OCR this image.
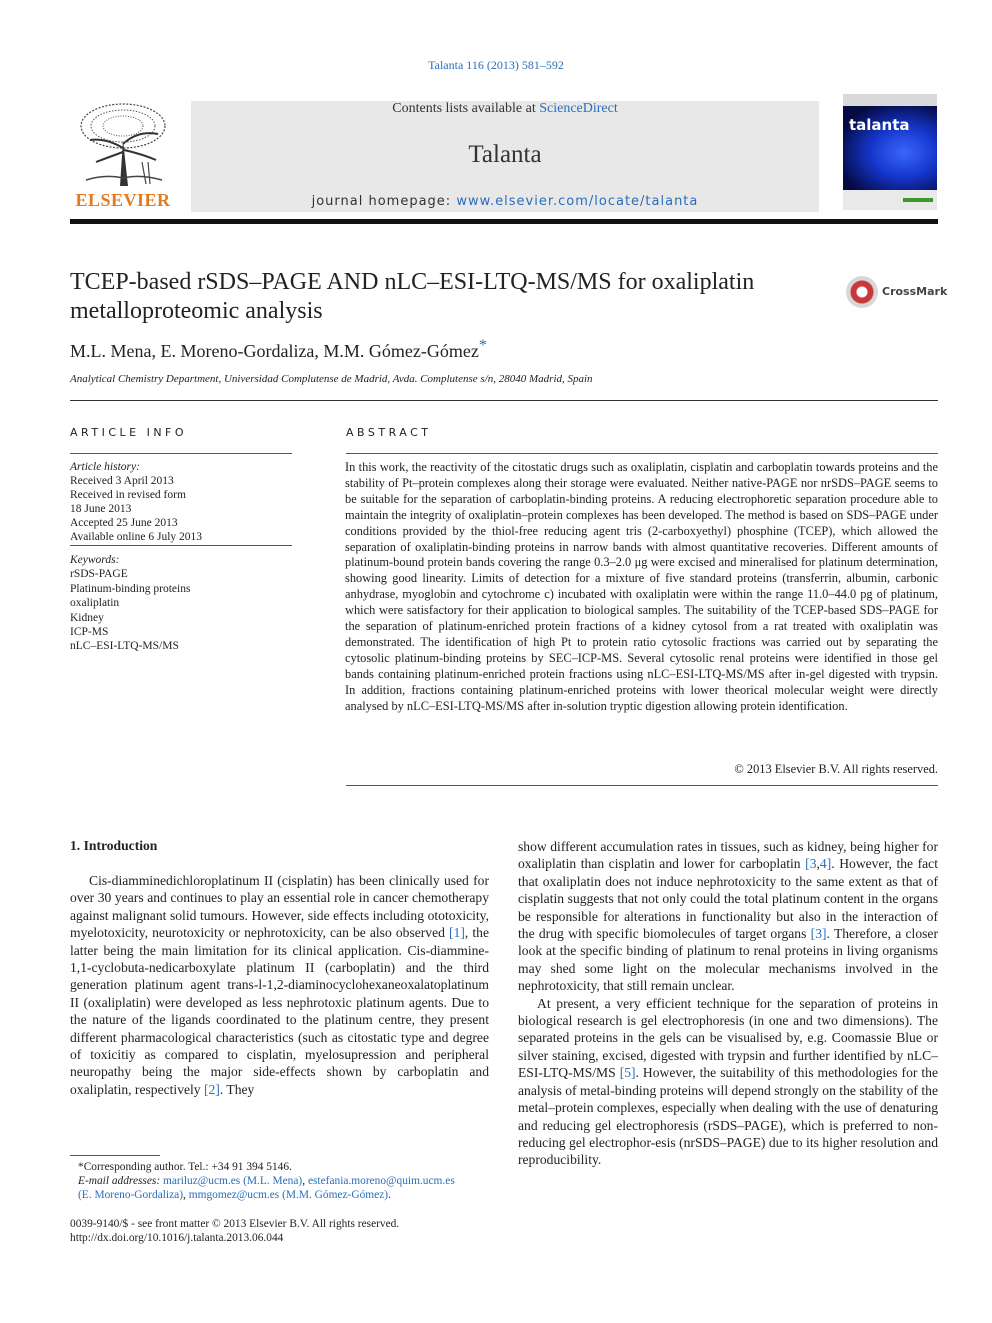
Talanta 116 (2013) 581–592
ELSEVIER
Contents lists available at ScienceDirect
Talanta
journal homepage: www.elsevier.com/locate/talanta
talanta
TCEP-based rSDS–PAGE AND nLC–ESI-LTQ-MS/MS for oxaliplatin metalloproteomic analysis
CrossMark
M.L. Mena, E. Moreno-Gordaliza, M.M. Gómez-Gómez*
Analytical Chemistry Department, Universidad Complutense de Madrid, Avda. Complutense s/n, 28040 Madrid, Spain
ARTICLE INFO
Article history:
Received 3 April 2013
Received in revised form
18 June 2013
Accepted 25 June 2013
Available online 6 July 2013
Keywords:
rSDS-PAGE
Platinum-binding proteins
oxaliplatin
Kidney
ICP-MS
nLC–ESI-LTQ-MS/MS
ABSTRACT
In this work, the reactivity of the citostatic drugs such as oxaliplatin, cisplatin and carboplatin towards proteins and the stability of Pt–protein complexes along their storage were evaluated. Neither native-PAGE nor nrSDS–PAGE seems to be suitable for the separation of carboplatin-binding proteins. A reducing electrophoretic separation procedure able to maintain the integrity of oxaliplatin–protein complexes has been developed. The method is based on SDS–PAGE under conditions provided by the thiol-free reducing agent tris (2-carboxyethyl) phosphine (TCEP), which allowed the separation of oxaliplatin-binding proteins in narrow bands with almost quantitative recoveries. Different amounts of platinum-bound protein bands covering the range 0.3–2.0 μg were excised and mineralised for platinum determination, showing good linearity. Limits of detection for a mixture of five standard proteins (transferrin, albumin, carbonic anhydrase, myoglobin and cytochrome c) incubated with oxaliplatin were within the range 11.0–44.0 pg of platinum, which were satisfactory for their application to biological samples. The suitability of the TCEP-based SDS–PAGE for the separation of platinum-enriched protein fractions of a kidney cytosol from a rat treated with oxaliplatin was demonstrated. The identification of high Pt to protein ratio cytosolic fractions was carried out by separating the cytosolic platinum-binding proteins by SEC–ICP-MS. Several cytosolic renal proteins were identified in those gel bands containing platinum-enriched protein fractions using nLC–ESI-LTQ-MS/MS after in-gel digested with trypsin. In addition, fractions containing platinum-enriched proteins with lower theorical molecular weight were directly analysed by nLC–ESI-LTQ-MS/MS after in-solution tryptic digestion allowing protein identification.
© 2013 Elsevier B.V. All rights reserved.
1. Introduction

Cis-diamminedichloroplatinum II (cisplatin) has been clinically used for over 30 years and continues to play an essential role in cancer chemotherapy against malignant solid tumours. However, side effects including ototoxicity, myelotoxicity, neurotoxicity or nephrotoxicity, can be also observed [1], the latter being the main limitation for its clinical application. Cis-diammine-1,1-cyclobuta-nedicarboxylate platinum II (carboplatin) and the third generation platinum agent trans-l-1,2-diaminocyclohexaneoxalatoplatinum II (oxaliplatin) were developed as less nephrotoxic platinum agents. Due to the nature of the ligands coordinated to the platinum centre, they present different pharmacological characteristics (such as citostatic type and degree of toxicitiy as compared to cisplatin, myelosupression and peripheral neuropathy being the major side-effects shown by carboplatin and oxaliplatin, respectively [2]. They

show different accumulation rates in tissues, such as kidney, being higher for oxaliplatin than cisplatin and lower for carboplatin [3,4]. However, the fact that oxaliplatin does not induce nephrotoxicity to the same extent as that of cisplatin suggests that not only could the total platinum content in the organs be responsible for alterations in functionality but also in the interaction of the drug with specific biomolecules of target organs [3]. Therefore, a closer look at the specific binding of platinum to renal proteins in living organisms may shed some light on the molecular mechanisms involved in the nephrotoxicity, that still remain unclear.

At present, a very efficient technique for the separation of proteins in biological research is gel electrophoresis (in one and two dimensions). The separated proteins in the gels can be visualised by, e.g. Coomassie Blue or silver staining, excised, digested with trypsin and further identified by nLC–ESI-LTQ-MS/MS [5]. However, the suitability of this methodologies for the analysis of metal-binding proteins will depend strongly on the stability of the metal–protein complexes, especially when dealing with the use of denaturing and reducing gel electrophoresis (rSDS–PAGE), which is preferred to non-reducing gel electrophor-esis (nrSDS–PAGE) due to its higher resolution and reproducibility.

*Corresponding author. Tel.: +34 91 394 5146.
E-mail addresses: mariluz@ucm.es (M.L. Mena), estefania.moreno@quim.ucm.es
(E. Moreno-Gordaliza), mmgomez@ucm.es (M.M. Gómez-Gómez).
0039-9140/$ - see front matter © 2013 Elsevier B.V. All rights reserved.
http://dx.doi.org/10.1016/j.talanta.2013.06.044
